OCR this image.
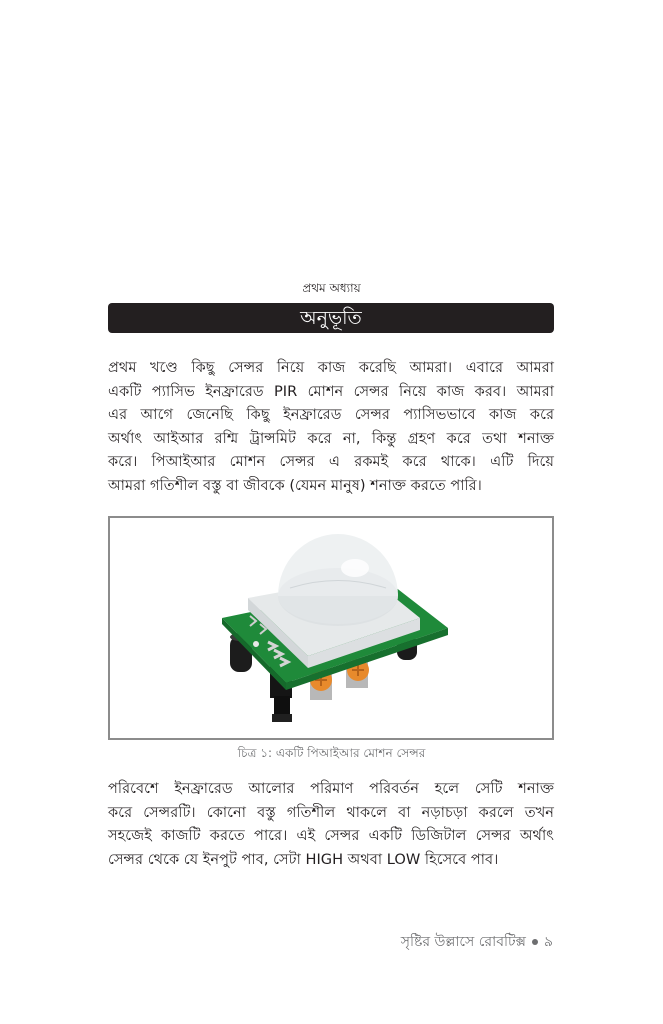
প্রথম অধ্যায়
অনুভূতি
প্রথম খণ্ডে কিছু সেন্সর নিয়ে কাজ করেছি আমরা। এবারে আমরা
একটি প্যাসিভ ইনফ্রারেড PIR মোশন সেন্সর নিয়ে কাজ করব। আমরা
এর আগে জেনেছি কিছু ইনফ্রারেড সেন্সর প্যাসিভভাবে কাজ করে
অর্থাৎ আইআর রশ্মি ট্রান্সমিট করে না, কিন্তু গ্রহণ করে তথা শনাক্ত
করে। পিআইআর মোশন সেন্সর এ রকমই করে থাকে। এটি দিয়ে
আমরা গতিশীল বস্তু বা জীবকে (যেমন মানুষ) শনাক্ত করতে পারি।
চিত্র ১: একটি পিআইআর মোশন সেন্সর
পরিবেশে ইনফ্রারেড আলোর পরিমাণ পরিবর্তন হলে সেটি শনাক্ত
করে সেন্সরটি। কোনো বস্তু গতিশীল থাকলে বা নড়াচড়া করলে তখন
সহজেই কাজটি করতে পারে। এই সেন্সর একটি ডিজিটাল সেন্সর অর্থাৎ
সেন্সর থেকে যে ইনপুট পাব, সেটা HIGH অথবা LOW হিসেবে পাব।
সৃষ্টির উল্লাসে রোবটিক্স ৯
